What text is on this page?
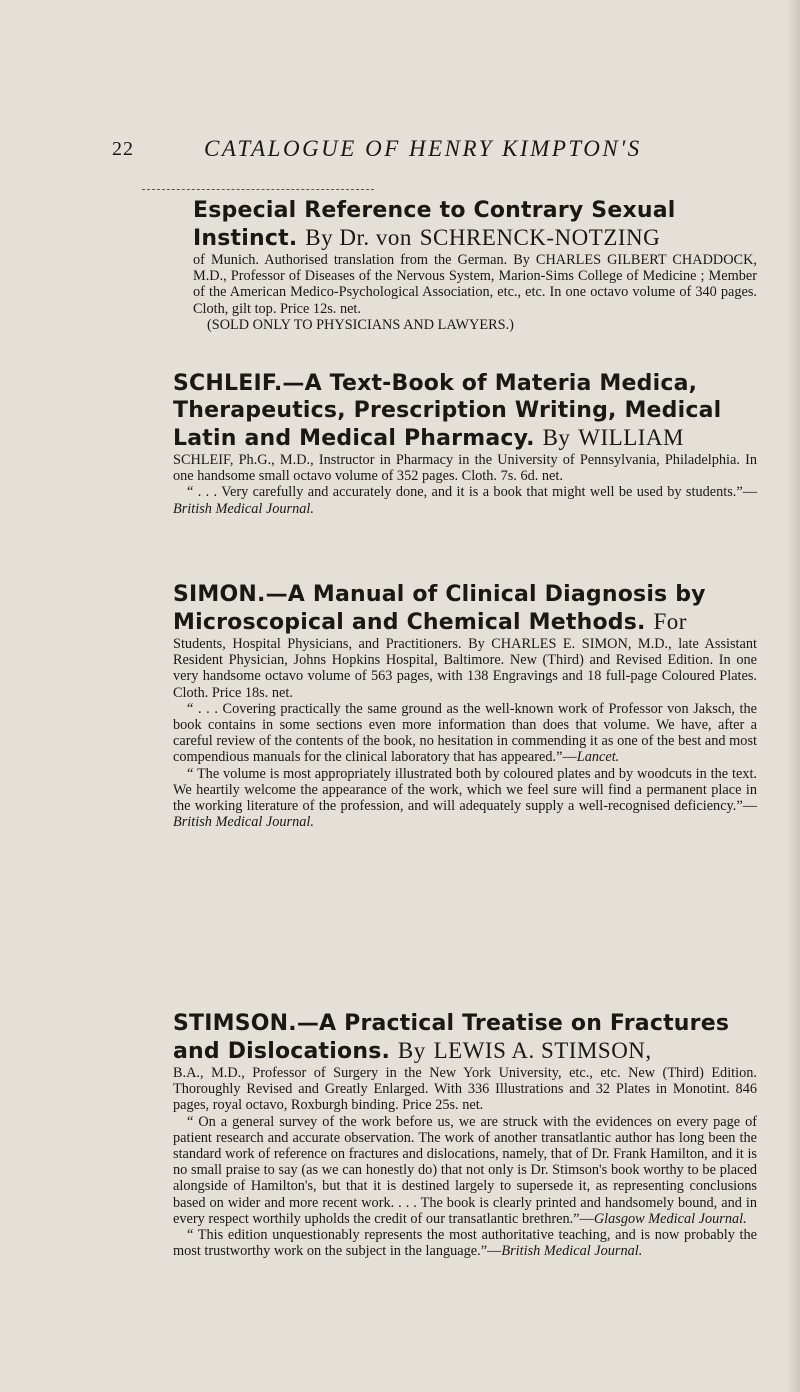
22	CATALOGUE OF HENRY KIMPTON'S
Especial Reference to Contrary Sexual Instinct. By Dr. von SCHRENCK-NOTZING

of Munich. Authorised translation from the German. By CHARLES GILBERT CHADDOCK, M.D., Professor of Diseases of the Nervous System, Marion-Sims College of Medicine ; Member of the American Medico-Psychological Association, etc., etc. In one octavo volume of 340 pages. Cloth, gilt top. Price 12s. net.

(SOLD ONLY TO PHYSICIANS AND LAWYERS.)

SCHLEIF.—A Text-Book of Materia Medica, Therapeutics, Prescription Writing, Medical Latin and Medical Pharmacy. By WILLIAM

SCHLEIF, Ph.G., M.D., Instructor in Pharmacy in the University of Pennsylvania, Philadelphia. In one handsome small octavo volume of 352 pages. Cloth. 7s. 6d. net.

“ . . . Very carefully and accurately done, and it is a book that might well be used by students.”—British Medical Journal.

SIMON.—A Manual of Clinical Diagnosis by Microscopical and Chemical Methods. For

Students, Hospital Physicians, and Practitioners. By CHARLES E. SIMON, M.D., late Assistant Resident Physician, Johns Hopkins Hospital, Baltimore. New (Third) and Revised Edition. In one very handsome octavo volume of 563 pages, with 138 Engravings and 18 full-page Coloured Plates. Cloth. Price 18s. net.

“ . . . Covering practically the same ground as the well-known work of Professor von Jaksch, the book contains in some sections even more information than does that volume. We have, after a careful review of the contents of the book, no hesitation in commending it as one of the best and most compendious manuals for the clinical laboratory that has appeared.”—Lancet.

“ The volume is most appropriately illustrated both by coloured plates and by woodcuts in the text. We heartily welcome the appearance of the work, which we feel sure will find a permanent place in the working literature of the profession, and will adequately supply a well-recognised deficiency.”—British Medical Journal.

STIMSON.—A Practical Treatise on Fractures and Dislocations. By LEWIS A. STIMSON,

B.A., M.D., Professor of Surgery in the New York University, etc., etc. New (Third) Edition. Thoroughly Revised and Greatly Enlarged. With 336 Illustrations and 32 Plates in Monotint. 846 pages, royal octavo, Roxburgh binding. Price 25s. net.

“ On a general survey of the work before us, we are struck with the evidences on every page of patient research and accurate observation. The work of another transatlantic author has long been the standard work of reference on fractures and dislocations, namely, that of Dr. Frank Hamilton, and it is no small praise to say (as we can honestly do) that not only is Dr. Stimson's book worthy to be placed alongside of Hamilton's, but that it is destined largely to supersede it, as representing conclusions based on wider and more recent work. . . . The book is clearly printed and handsomely bound, and in every respect worthily upholds the credit of our transatlantic brethren.”—Glasgow Medical Journal.

“ This edition unquestionably represents the most authoritative teaching, and is now probably the most trustworthy work on the subject in the language.”—British Medical Journal.
